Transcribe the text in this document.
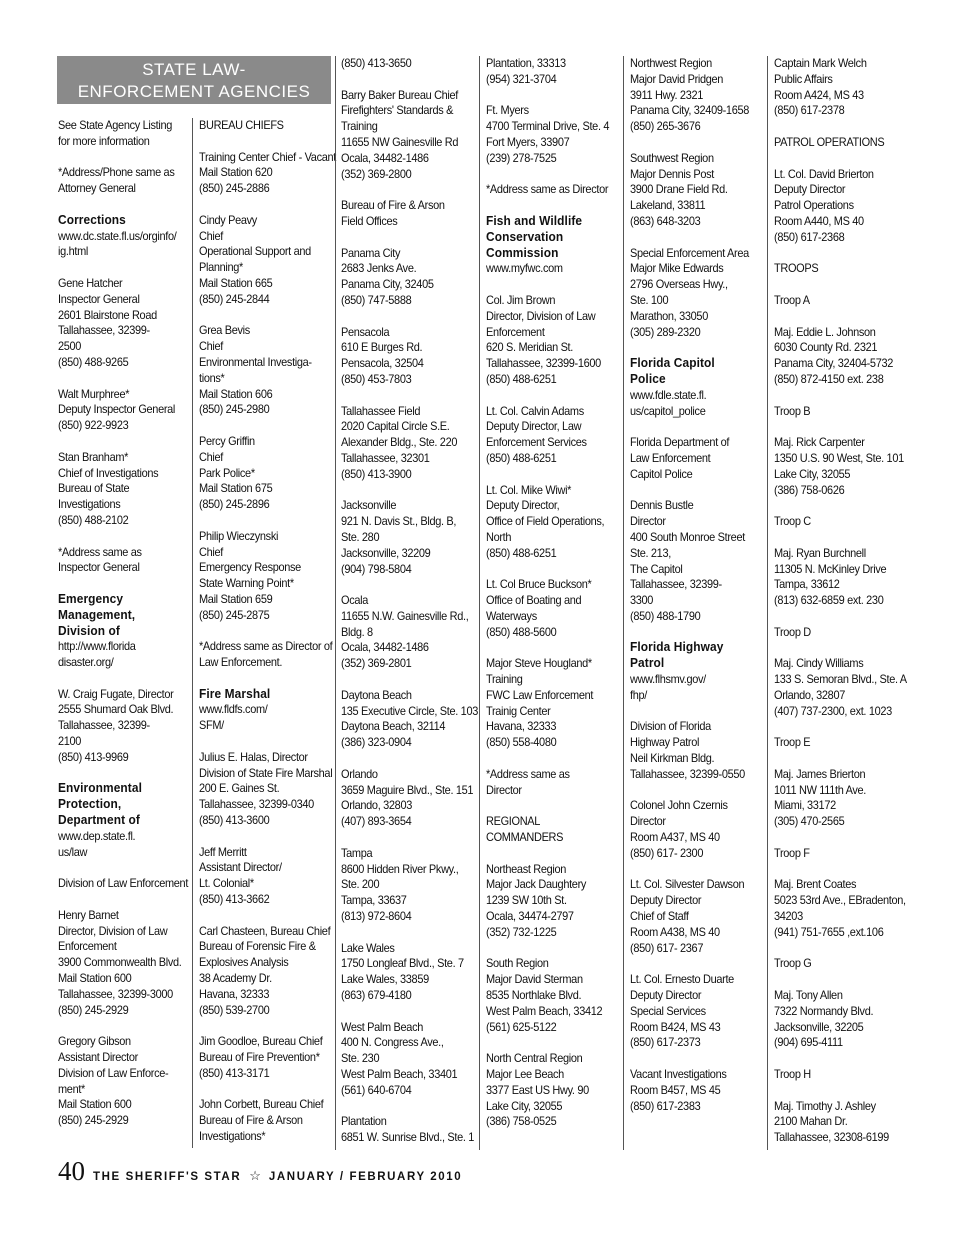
STATE LAW-
ENFORCEMENT AGENCIES
See State Agency Listing
for more information
*Address/Phone same as
Attorney General
Corrections
www.dc.state.fl.us/orginfo/
ig.html
Gene Hatcher
Inspector General
2601 Blairstone Road
Tallahassee, 32399-
2500
(850) 488-9265
Walt Murphree*
Deputy Inspector General
(850) 922-9923
Stan Branham*
Chief of Investigations
Bureau of State
Investigations
(850) 488-2102
*Address same as
Inspector General
Emergency
Management,
Division of
http://www.florida
disaster.org/
W. Craig Fugate, Director
2555 Shumard Oak Blvd.
Tallahassee, 32399-
2100
(850) 413-9969
Environmental
Protection,
Department of
www.dep.state.fl.
us/law
Division of Law Enforcement
Henry Barnet
Director, Division of Law
Enforcement
3900 Commonwealth Blvd.
Mail Station 600
Tallahassee, 32399-3000
(850) 245-2929
Gregory Gibson
Assistant Director
Division of Law Enforce-
ment*
Mail Station 600
(850) 245-2929
BUREAU CHIEFS
Training Center Chief - Vacant
Mail Station 620
(850) 245-2886
Cindy Peavy
Chief
Operational Support and
Planning*
Mail Station 665
(850) 245-2844
Grea Bevis
Chief
Environmental Investiga-
tions*
Mail Station 606
(850) 245-2980
Percy Griffin
Chief
Park Police*
Mail Station 675
(850) 245-2896
Philip Wieczynski
Chief
Emergency Response
State Warning Point*
Mail Station 659
(850) 245-2875
*Address same as Director of
Law Enforcement.
Fire Marshal
www.fldfs.com/
SFM/
Julius E. Halas, Director
Division of State Fire Marshal
200 E. Gaines St.
Tallahassee, 32399-0340
(850) 413-3600
Jeff Merritt
Assistant Director/
Lt. Colonial*
(850) 413-3662
Carl Chasteen, Bureau Chief
Bureau of Forensic Fire &
Explosives Analysis
38 Academy Dr.
Havana, 32333
(850) 539-2700
Jim Goodloe, Bureau Chief
Bureau of Fire Prevention*
(850) 413-3171
John Corbett, Bureau Chief
Bureau of Fire & Arson
Investigations*
(850) 413-3650
Barry Baker Bureau Chief
Firefighters' Standards &
Training
11655 NW Gainesville Rd
Ocala, 34482-1486
(352) 369-2800
Bureau of Fire & Arson
Field Offices
Panama City
2683 Jenks Ave.
Panama City, 32405
(850) 747-5888
Pensacola
610 E Burges Rd.
Pensacola, 32504
(850) 453-7803
Tallahassee Field
2020 Capital Circle S.E.
Alexander Bldg., Ste. 220
Tallahassee, 32301
(850) 413-3900
Jacksonville
921 N. Davis St., Bldg. B,
Ste. 280
Jacksonville, 32209
(904) 798-5804
Ocala
11655 N.W. Gainesville Rd.,
Bldg. 8
Ocala, 34482-1486
(352) 369-2801
Daytona Beach
135 Executive Circle, Ste. 103
Daytona Beach, 32114
(386) 323-0904
Orlando
3659 Maguire Blvd., Ste. 151
Orlando, 32803
(407) 893-3654
Tampa
8600 Hidden River Pkwy.,
Ste. 200
Tampa, 33637
(813) 972-8604
Lake Wales
1750 Longleaf Blvd., Ste. 7
Lake Wales, 33859
(863) 679-4180
West Palm Beach
400 N. Congress Ave.,
Ste. 230
West Palm Beach, 33401
(561) 640-6704
Plantation
6851 W. Sunrise Blvd., Ste. 1
Plantation, 33313
(954) 321-3704
Ft. Myers
4700 Terminal Drive, Ste. 4
Fort Myers, 33907
(239) 278-7525
*Address same as Director
Fish and Wildlife
Conservation
Commission
www.myfwc.com
Col. Jim Brown
Director, Division of Law
Enforcement
620 S. Meridian St.
Tallahassee, 32399-1600
(850) 488-6251
Lt. Col. Calvin Adams
Deputy Director, Law
Enforcement Services
(850) 488-6251
Lt. Col. Mike Wiwi*
Deputy Director,
Office of Field Operations,
North
(850) 488-6251
Lt. Col Bruce Buckson*
Office of Boating and
Waterways
(850) 488-5600
Major Steve Hougland*
Training
FWC Law Enforcement
Trainig Center
Havana, 32333
(850) 558-4080
*Address same as
Director
REGIONAL
COMMANDERS
Northeast Region
Major Jack Daughtery
1239 SW 10th St.
Ocala, 34474-2797
(352) 732-1225
South Region
Major David Sterman
8535 Northlake Blvd.
West Palm Beach, 33412
(561) 625-5122
North Central Region
Major Lee Beach
3377 East US Hwy. 90
Lake City, 32055
(386) 758-0525
Northwest Region
Major David Pridgen
3911 Hwy. 2321
Panama City, 32409-1658
(850) 265-3676
Southwest Region
Major Dennis Post
3900 Drane Field Rd.
Lakeland, 33811
(863) 648-3203
Special Enforcement Area
Major Mike Edwards
2796 Overseas Hwy.,
Ste. 100
Marathon, 33050
(305) 289-2320
Florida Capitol
Police
www.fdle.state.fl.
us/capitol_police
Florida Department of
Law Enforcement
Capitol Police
Dennis Bustle
Director
400 South Monroe Street
Ste. 213,
The Capitol
Tallahassee, 32399-
3300
(850) 488-1790
Florida Highway
Patrol
www.flhsmv.gov/
fhp/
Division of Florida
Highway Patrol
Neil Kirkman Bldg.
Tallahassee, 32399-0550
Colonel John Czernis
Director
Room A437, MS 40
(850) 617- 2300
Lt. Col. Silvester Dawson
Deputy Director
Chief of Staff
Room A438, MS 40
(850) 617- 2367
Lt. Col. Ernesto Duarte
Deputy Director
Special Services
Room B424, MS 43
(850) 617-2373
Vacant Investigations
Room B457, MS 45
(850) 617-2383
Captain Mark Welch
Public Affairs
Room A424, MS 43
(850) 617-2378
PATROL OPERATIONS
Lt. Col. David Brierton
Deputy Director
Patrol Operations
Room A440, MS 40
(850) 617-2368
TROOPS
Troop A
Maj. Eddie L. Johnson
6030 County Rd. 2321
Panama City, 32404-5732
(850) 872-4150 ext. 238
Troop B
Maj. Rick Carpenter
1350 U.S. 90 West, Ste. 101
Lake City, 32055
(386) 758-0626
Troop C
Maj. Ryan Burchnell
11305 N. McKinley Drive
Tampa, 33612
(813) 632-6859 ext. 230
Troop D
Maj. Cindy Williams
133 S. Semoran Blvd., Ste. A
Orlando, 32807
(407) 737-2300, ext. 1023
Troop E
Maj. James Brierton
1011 NW 111th Ave.
Miami, 33172
(305) 470-2565
Troop F
Maj. Brent Coates
5023 53rd Ave., EBradenton,
34203
(941) 751-7655 ,ext.106
Troop G
Maj. Tony Allen
7322 Normandy Blvd.
Jacksonville, 32205
(904) 695-4111
Troop H
Maj. Timothy J. Ashley
2100 Mahan Dr.
Tallahassee, 32308-6199
40 THE SHERIFF'S STAR ☆ JANUARY / FEBRUARY 2010
